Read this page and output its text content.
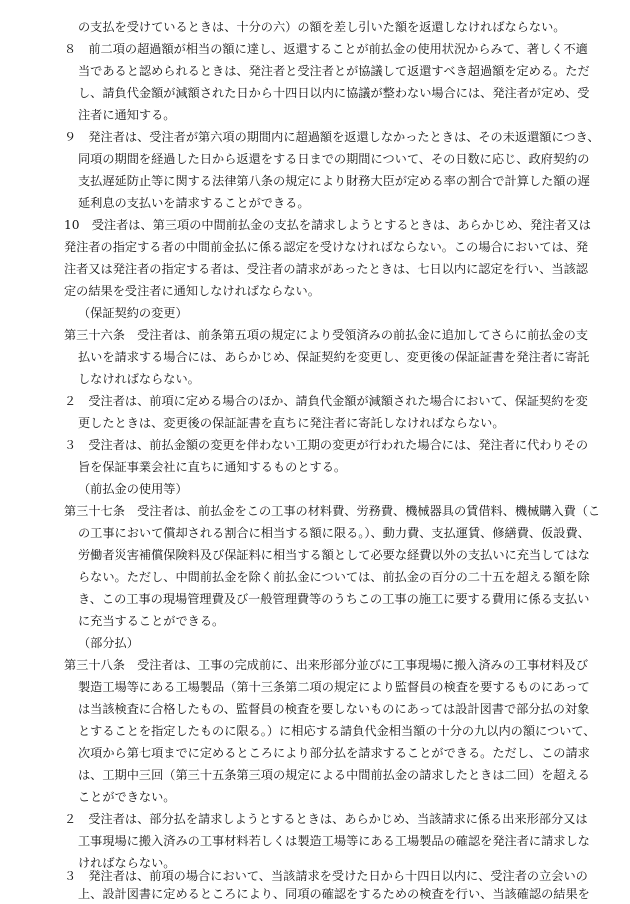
の支払を受けているときは、十分の六）の額を差し引いた額を返還しなければならない。
８　前二項の超過額が相当の額に達し、返還することが前払金の使用状況からみて、著しく不適
当であると認められるときは、発注者と受注者とが協議して返還すべき超過額を定める。ただ
し、請負代金額が減額された日から十四日以内に協議が整わない場合には、発注者が定め、受
注者に通知する。
９　発注者は、受注者が第六項の期間内に超過額を返還しなかったときは、その未返還額につき、
同項の期間を経過した日から返還をする日までの期間について、その日数に応じ、政府契約の
支払遅延防止等に関する法律第八条の規定により財務大臣が定める率の割合で計算した額の遅
延利息の支払いを請求することができる。
10　受注者は、第三項の中間前払金の支払を請求しようとするときは、あらかじめ、発注者又は
発注者の指定する者の中間前金払に係る認定を受けなければならない。この場合においては、発
注者又は発注者の指定する者は、受注者の請求があったときは、七日以内に認定を行い、当該認
定の結果を受注者に通知しなければならない。
（保証契約の変更）
第三十六条　受注者は、前条第五項の規定により受領済みの前払金に追加してさらに前払金の支
払いを請求する場合には、あらかじめ、保証契約を変更し、変更後の保証証書を発注者に寄託
しなければならない。
２　受注者は、前項に定める場合のほか、請負代金額が減額された場合において、保証契約を変
更したときは、変更後の保証証書を直ちに発注者に寄託しなければならない。
３　受注者は、前払金額の変更を伴わない工期の変更が行われた場合には、発注者に代わりその
旨を保証事業会社に直ちに通知するものとする。
（前払金の使用等）
第三十七条　受注者は、前払金をこの工事の材料費、労務費、機械器具の賃借料、機械購入費（こ
の工事において償却される割合に相当する額に限る。）、動力費、支払運賃、修繕費、仮設費、
労働者災害補償保険料及び保証料に相当する額として必要な経費以外の支払いに充当してはな
らない。ただし、中間前払金を除く前払金については、前払金の百分の二十五を超える額を除
き、この工事の現場管理費及び一般管理費等のうちこの工事の施工に要する費用に係る支払い
に充当することができる。
（部分払）
第三十八条　受注者は、工事の完成前に、出来形部分並びに工事現場に搬入済みの工事材料及び
製造工場等にある工場製品（第十三条第二項の規定により監督員の検査を要するものにあって
は当該検査に合格したもの、監督員の検査を要しないものにあっては設計図書で部分払の対象
とすることを指定したものに限る。）に相応する請負代金相当額の十分の九以内の額について、
次項から第七項までに定めるところにより部分払を請求することができる。ただし、この請求
は、工期中三回（第三十五条第三項の規定による中間前払金の請求したときは二回）を超える
ことができない。
２　受注者は、部分払を請求しようとするときは、あらかじめ、当該請求に係る出来形部分又は
工事現場に搬入済みの工事材料若しくは製造工場等にある工場製品の確認を発注者に請求しな
ければならない。
３　発注者は、前項の場合において、当該請求を受けた日から十四日以内に、受注者の立会いの
上、設計図書に定めるところにより、同項の確認をするための検査を行い、当該確認の結果を
